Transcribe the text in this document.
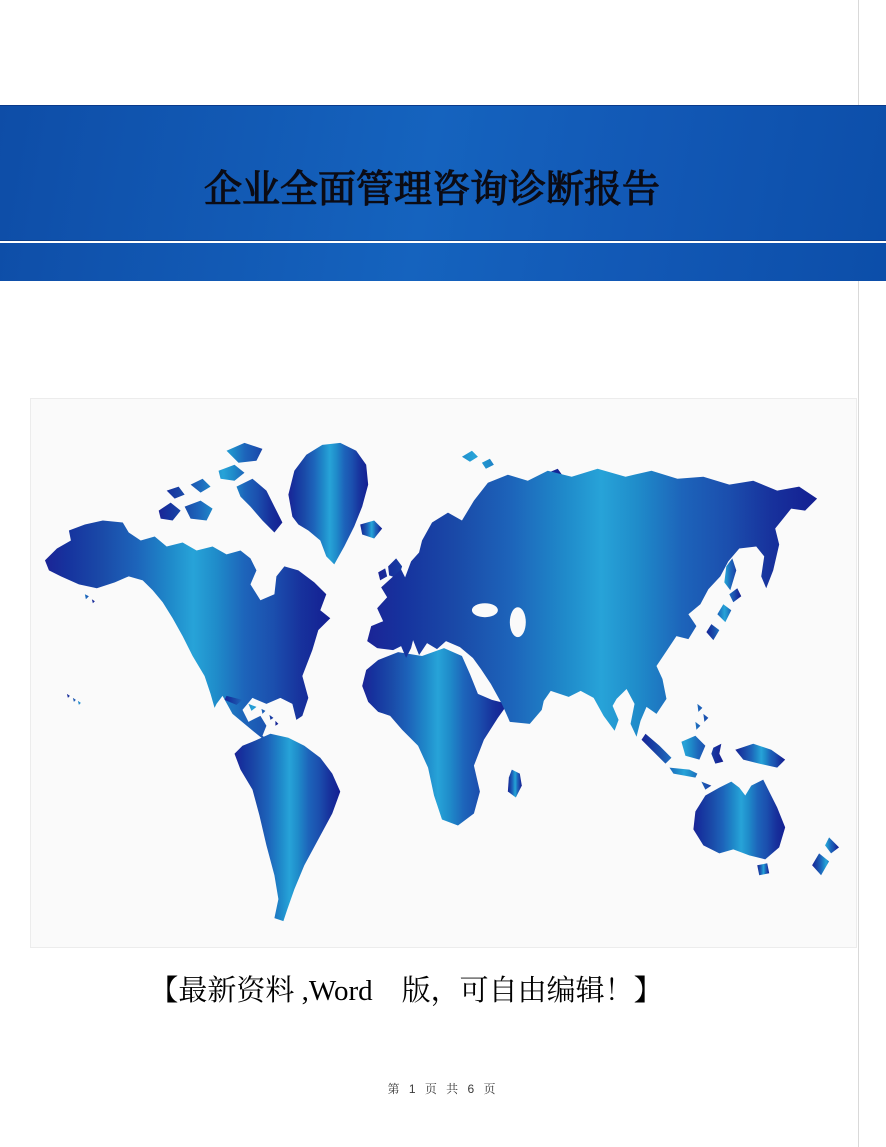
企业全面管理咨询诊断报告
【最新资料 ,Word　版，可自由编辑！】
第 1 页 共 6 页
